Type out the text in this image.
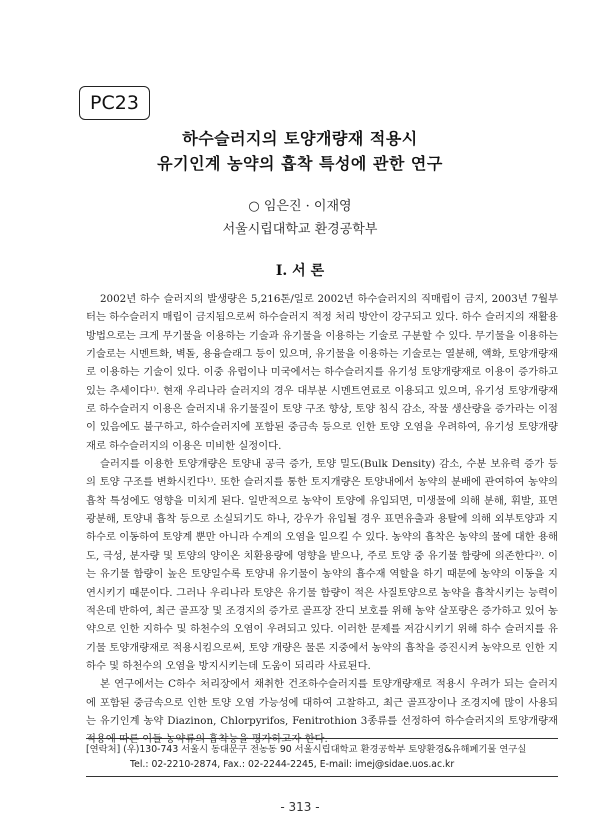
PC23
하수슬러지의 토양개량재 적용시
유기인계 농약의 흡착 특성에 관한 연구
○ 임은진 · 이재영
서울시립대학교 환경공학부
I. 서 론

2002년 하수 슬러지의 발생량은 5,216톤/일로 2002년 하수슬러지의 직매립이 금지, 2003년 7월부터는 하수슬러지 매립이 금지됨으로써 하수슬러지 적정 처리 방안이 강구되고 있다. 하수 슬러지의 재활용 방법으로는 크게 무기물을 이용하는 기술과 유기물을 이용하는 기술로 구분할 수 있다. 무기물을 이용하는 기술로는 시멘트화, 벽돌, 용융슬래그 등이 있으며, 유기물을 이용하는 기술로는 열분해, 액화, 토양개량재로 이용하는 기술이 있다. 이중 유럽이나 미국에서는 하수슬러지를 유기성 토양개량재로 이용이 증가하고 있는 추세이다¹⁾. 현재 우리나라 슬러지의 경우 대부분 시멘트연료로 이용되고 있으며, 유기성 토양개량재로 하수슬러지 이용은 슬러지내 유기물질이 토양 구조 향상, 토양 침식 감소, 작물 생산량을 증가라는 이점이 있음에도 불구하고, 하수슬러지에 포함된 중금속 등으로 인한 토양 오염을 우려하여, 유기성 토양개량재로 하수슬러지의 이용은 미비한 실정이다.

슬러지를 이용한 토양개량은 토양내 공극 증가, 토양 밀도(Bulk Density) 감소, 수분 보유력 증가 등의 토양 구조를 변화시킨다¹⁾. 또한 슬러지를 통한 토지개량은 토양내에서 농약의 분배에 관여하여 농약의 흡착 특성에도 영향을 미치게 된다. 일반적으로 농약이 토양에 유입되면, 미생물에 의해 분해, 휘발, 표면 광분해, 토양내 흡착 등으로 소실되기도 하나, 강우가 유입될 경우 표면유출과 용탈에 의해 외부토양과 지하수로 이동하여 토양계 뿐만 아니라 수계의 오염을 일으킬 수 있다. 농약의 흡착은 농약의 물에 대한 용해도, 극성, 분자량 및 토양의 양이온 치환용량에 영향을 받으나, 주로 토양 중 유기물 함량에 의존한다²⁾. 이는 유기물 함량이 높은 토양일수록 토양내 유기물이 농약의 흡수재 역할을 하기 때문에 농약의 이동을 지연시키기 때문이다. 그러나 우리나라 토양은 유기물 함량이 적은 사질토양으로 농약을 흡착시키는 능력이 적은데 반하여, 최근 골프장 및 조경지의 증가로 골프장 잔디 보호를 위해 농약 살포량은 증가하고 있어 농약으로 인한 지하수 및 하천수의 오염이 우려되고 있다. 이러한 문제를 저감시키기 위해 하수 슬러지를 유기물 토양개량재로 적용시킴으로써, 토양 개량은 물론 지중에서 농약의 흡착을 증진시켜 농약으로 인한 지하수 및 하천수의 오염을 방지시키는데 도움이 되리라 사료된다.

본 연구에서는 C하수 처리장에서 채취한 건조하수슬러지를 토양개량재로 적용시 우려가 되는 슬러지에 포함된 중금속으로 인한 토양 오염 가능성에 대하여 고찰하고, 최근 골프장이나 조경지에 많이 사용되는 유기인계 농약 Diazinon, Chlorpyrifos, Fenitrothion 3종류를 선정하여 하수슬러지의 토양개량재 적용에 따른 이들 농약류의 흡착능을 평가하고자 한다.

[연락처] (우)130-743 서울시 동대문구 전농동 90 서울시립대학교 환경공학부 토양환경&유해폐기물 연구실
Tel.: 02-2210-2874, Fax.: 02-2244-2245, E-mail: imej@sidae.uos.ac.kr
- 313 -
